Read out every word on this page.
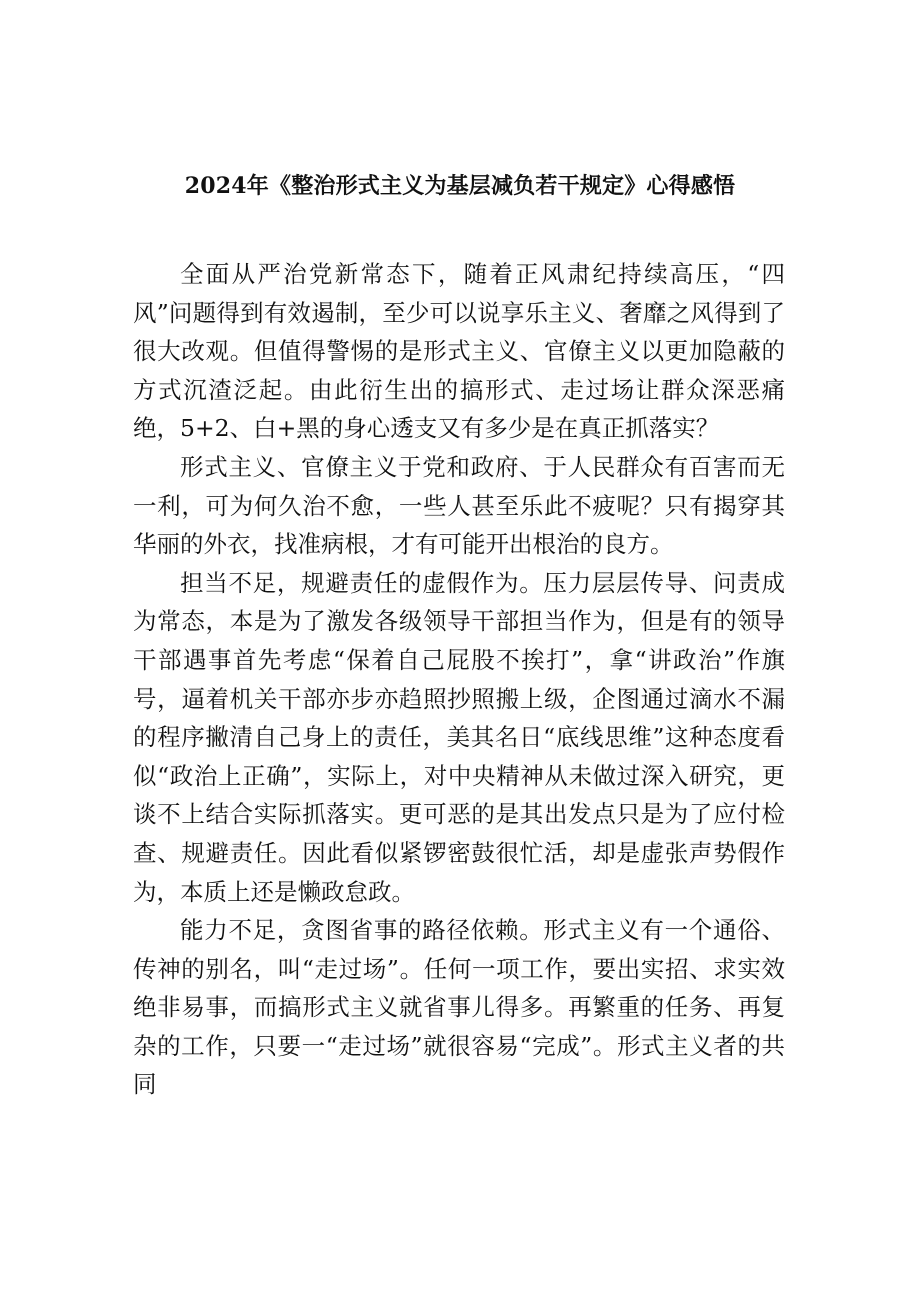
2024年《整治形式主义为基层减负若干规定》心得感悟

全面从严治党新常态下，随着正风肃纪持续高压，“四风”问题得到有效遏制，至少可以说享乐主义、奢靡之风得到了很大改观。但值得警惕的是形式主义、官僚主义以更加隐蔽的方式沉渣泛起。由此衍生出的搞形式、走过场让群众深恶痛绝，5+2、白+黑的身心透支又有多少是在真正抓落实？

形式主义、官僚主义于党和政府、于人民群众有百害而无一利，可为何久治不愈，一些人甚至乐此不疲呢？只有揭穿其华丽的外衣，找准病根，才有可能开出根治的良方。

担当不足，规避责任的虚假作为。压力层层传导、问责成为常态，本是为了激发各级领导干部担当作为，但是有的领导干部遇事首先考虑“保着自己屁股不挨打”，拿“讲政治”作旗号，逼着机关干部亦步亦趋照抄照搬上级，企图通过滴水不漏的程序撇清自己身上的责任，美其名日“底线思维”这种态度看似“政治上正确”，实际上，对中央精神从未做过深入研究，更谈不上结合实际抓落实。更可恶的是其出发点只是为了应付检查、规避责任。因此看似紧锣密鼓很忙活，却是虚张声势假作为，本质上还是懒政怠政。

能力不足，贪图省事的路径依赖。形式主义有一个通俗、传神的别名，叫“走过场”。任何一项工作，要出实招、求实效绝非易事，而搞形式主义就省事儿得多。再繁重的任务、再复杂的工作，只要一“走过场”就很容易“完成”。形式主义者的共同
